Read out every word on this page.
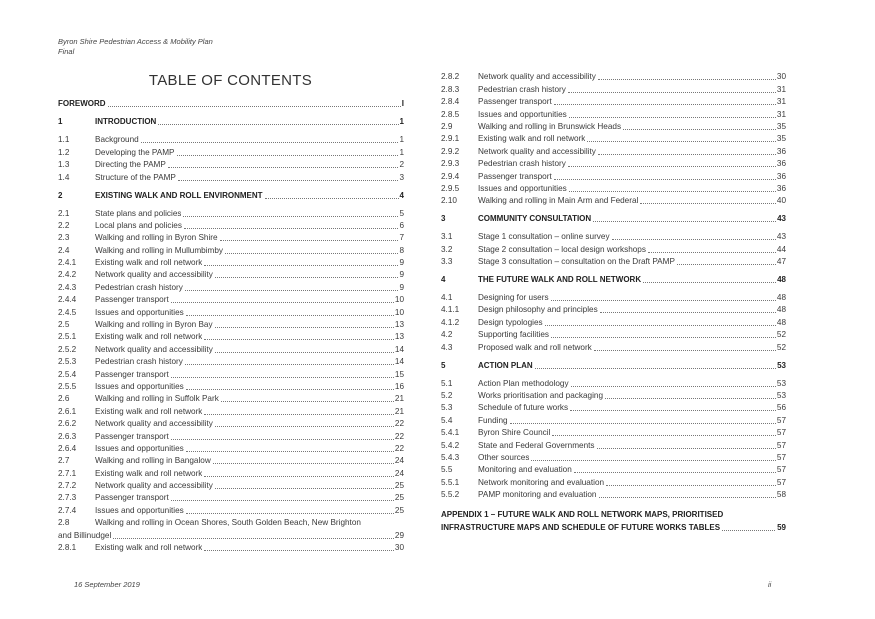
Byron Shire Pedestrian Access & Mobility Plan
Final
TABLE OF CONTENTS
FOREWORD	I
1	INTRODUCTION	1
1.1	Background	1
1.2	Developing the PAMP	1
1.3	Directing the PAMP	2
1.4	Structure of the PAMP	3
2	EXISTING WALK AND ROLL ENVIRONMENT	4
2.1	State plans and policies	5
2.2	Local plans and policies	6
2.3	Walking and rolling in Byron Shire	7
2.4	Walking and rolling in Mullumbimby	8
2.4.1	Existing walk and roll network	9
2.4.2	Network quality and accessibility	9
2.4.3	Pedestrian crash history	9
2.4.4	Passenger transport	10
2.4.5	Issues and opportunities	10
2.5	Walking and rolling in Byron Bay	13
2.5.1	Existing walk and roll network	13
2.5.2	Network quality and accessibility	14
2.5.3	Pedestrian crash history	14
2.5.4	Passenger transport	15
2.5.5	Issues and opportunities	16
2.6	Walking and rolling in Suffolk Park	21
2.6.1	Existing walk and roll network	21
2.6.2	Network quality and accessibility	22
2.6.3	Passenger transport	22
2.6.4	Issues and opportunities	22
2.7	Walking and rolling in Bangalow	24
2.7.1	Existing walk and roll network	24
2.7.2	Network quality and accessibility	25
2.7.3	Passenger transport	25
2.7.4	Issues and opportunities	25
2.8	Walking and rolling in Ocean Shores, South Golden Beach, New Brighton
and Billinudgel	29
2.8.1	Existing walk and roll network	30
2.8.2	Network quality and accessibility	30
2.8.3	Pedestrian crash history	31
2.8.4	Passenger transport	31
2.8.5	Issues and opportunities	31
2.9	Walking and rolling in Brunswick Heads	35
2.9.1	Existing walk and roll network	35
2.9.2	Network quality and accessibility	36
2.9.3	Pedestrian crash history	36
2.9.4	Passenger transport	36
2.9.5	Issues and opportunities	36
2.10	Walking and rolling in Main Arm and Federal	40
3	COMMUNITY CONSULTATION	43
3.1	Stage 1 consultation – online survey	43
3.2	Stage 2 consultation – local design workshops	44
3.3	Stage 3 consultation – consultation on the Draft PAMP	47
4	THE FUTURE WALK AND ROLL NETWORK	48
4.1	Designing for users	48
4.1.1	Design philosophy and principles	48
4.1.2	Design typologies	48
4.2	Supporting facilities	52
4.3	Proposed walk and roll network	52
5	ACTION PLAN	53
5.1	Action Plan methodology	53
5.2	Works prioritisation and packaging	53
5.3	Schedule of future works	56
5.4	Funding	57
5.4.1	Byron Shire Council	57
5.4.2	State and Federal Governments	57
5.4.3	Other sources	57
5.5	Monitoring and evaluation	57
5.5.1	Network monitoring and evaluation	57
5.5.2	PAMP monitoring and evaluation	58
APPENDIX 1 – FUTURE WALK AND ROLL NETWORK MAPS, PRIORITISED
INFRASTRUCTURE MAPS AND SCHEDULE OF FUTURE WORKS TABLES	59
16 September 2019	ii
